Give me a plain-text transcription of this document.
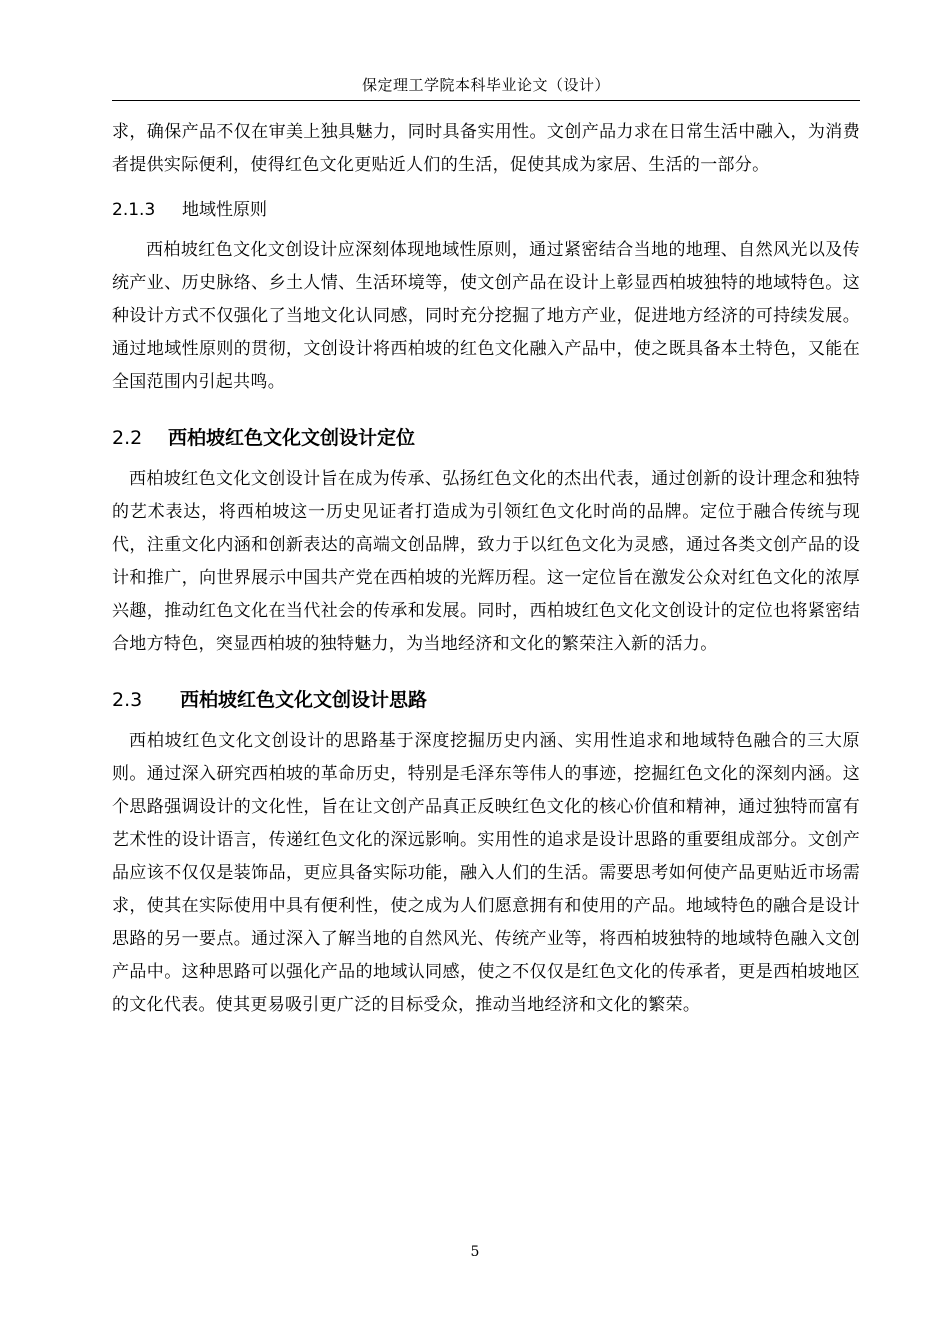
保定理工学院本科毕业论文（设计）

求，确保产品不仅在审美上独具魅力，同时具备实用性。文创产品力求在日常生活中融入，为消费者提供实际便利，使得红色文化更贴近人们的生活，促使其成为家居、生活的一部分。

2.1.3 地域性原则

西柏坡红色文化文创设计应深刻体现地域性原则，通过紧密结合当地的地理、自然风光以及传统产业、历史脉络、乡土人情、生活环境等，使文创产品在设计上彰显西柏坡独特的地域特色。这种设计方式不仅强化了当地文化认同感，同时充分挖掘了地方产业，促进地方经济的可持续发展。通过地域性原则的贯彻，文创设计将西柏坡的红色文化融入产品中，使之既具备本土特色，又能在全国范围内引起共鸣。

2.2 西柏坡红色文化文创设计定位

西柏坡红色文化文创设计旨在成为传承、弘扬红色文化的杰出代表，通过创新的设计理念和独特的艺术表达，将西柏坡这一历史见证者打造成为引领红色文化时尚的品牌。定位于融合传统与现代，注重文化内涵和创新表达的高端文创品牌，致力于以红色文化为灵感，通过各类文创产品的设计和推广，向世界展示中国共产党在西柏坡的光辉历程。这一定位旨在激发公众对红色文化的浓厚兴趣，推动红色文化在当代社会的传承和发展。同时，西柏坡红色文化文创设计的定位也将紧密结合地方特色，突显西柏坡的独特魅力，为当地经济和文化的繁荣注入新的活力。

2.3 西柏坡红色文化文创设计思路

西柏坡红色文化文创设计的思路基于深度挖掘历史内涵、实用性追求和地域特色融合的三大原则。通过深入研究西柏坡的革命历史，特别是毛泽东等伟人的事迹，挖掘红色文化的深刻内涵。这个思路强调设计的文化性，旨在让文创产品真正反映红色文化的核心价值和精神，通过独特而富有艺术性的设计语言，传递红色文化的深远影响。实用性的追求是设计思路的重要组成部分。文创产品应该不仅仅是装饰品，更应具备实际功能，融入人们的生活。需要思考如何使产品更贴近市场需求，使其在实际使用中具有便利性，使之成为人们愿意拥有和使用的产品。地域特色的融合是设计思路的另一要点。通过深入了解当地的自然风光、传统产业等，将西柏坡独特的地域特色融入文创产品中。这种思路可以强化产品的地域认同感，使之不仅仅是红色文化的传承者，更是西柏坡地区的文化代表。使其更易吸引更广泛的目标受众，推动当地经济和文化的繁荣。

5
